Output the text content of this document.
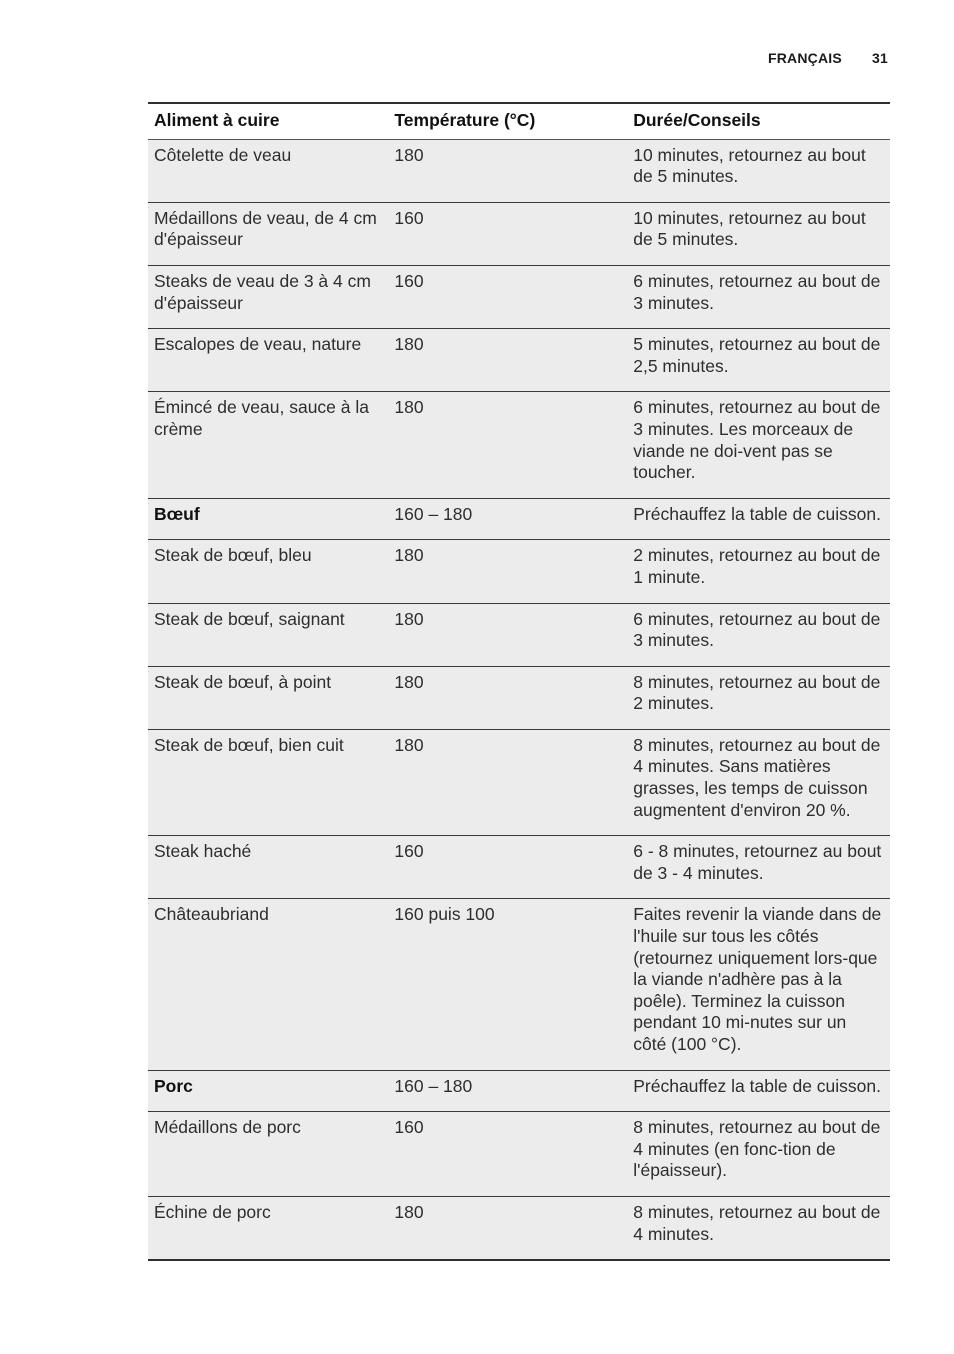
FRANÇAIS 31
Aliment à cuire	Température (°C)	Durée/Conseils
Côtelette de veau	180	10 minutes, retournez au bout de 5 minutes.
Médaillons de veau, de 4 cm d'épaisseur	160	10 minutes, retournez au bout de 5 minutes.
Steaks de veau de 3 à 4 cm d'épaisseur	160	6 minutes, retournez au bout de 3 minutes.
Escalopes de veau, nature	180	5 minutes, retournez au bout de 2,5 minutes.
Émincé de veau, sauce à la crème	180	6 minutes, retournez au bout de 3 minutes. Les morceaux de viande ne doi-vent pas se toucher.
Bœuf	160 – 180	Préchauffez la table de cuisson.
Steak de bœuf, bleu	180	2 minutes, retournez au bout de 1 minute.
Steak de bœuf, saignant	180	6 minutes, retournez au bout de 3 minutes.
Steak de bœuf, à point	180	8 minutes, retournez au bout de 2 minutes.
Steak de bœuf, bien cuit	180	8 minutes, retournez au bout de 4 minutes. Sans matières grasses, les temps de cuisson augmentent d'environ 20 %.
Steak haché	160	6 - 8 minutes, retournez au bout de 3 - 4 minutes.
Châteaubriand	160 puis 100	Faites revenir la viande dans de l'huile sur tous les côtés (retournez uniquement lors-que la viande n'adhère pas à la poêle). Terminez la cuisson pendant 10 mi-nutes sur un côté (100 °C).
Porc	160 – 180	Préchauffez la table de cuisson.
Médaillons de porc	160	8 minutes, retournez au bout de 4 minutes (en fonc-tion de l'épaisseur).
Échine de porc	180	8 minutes, retournez au bout de 4 minutes.
